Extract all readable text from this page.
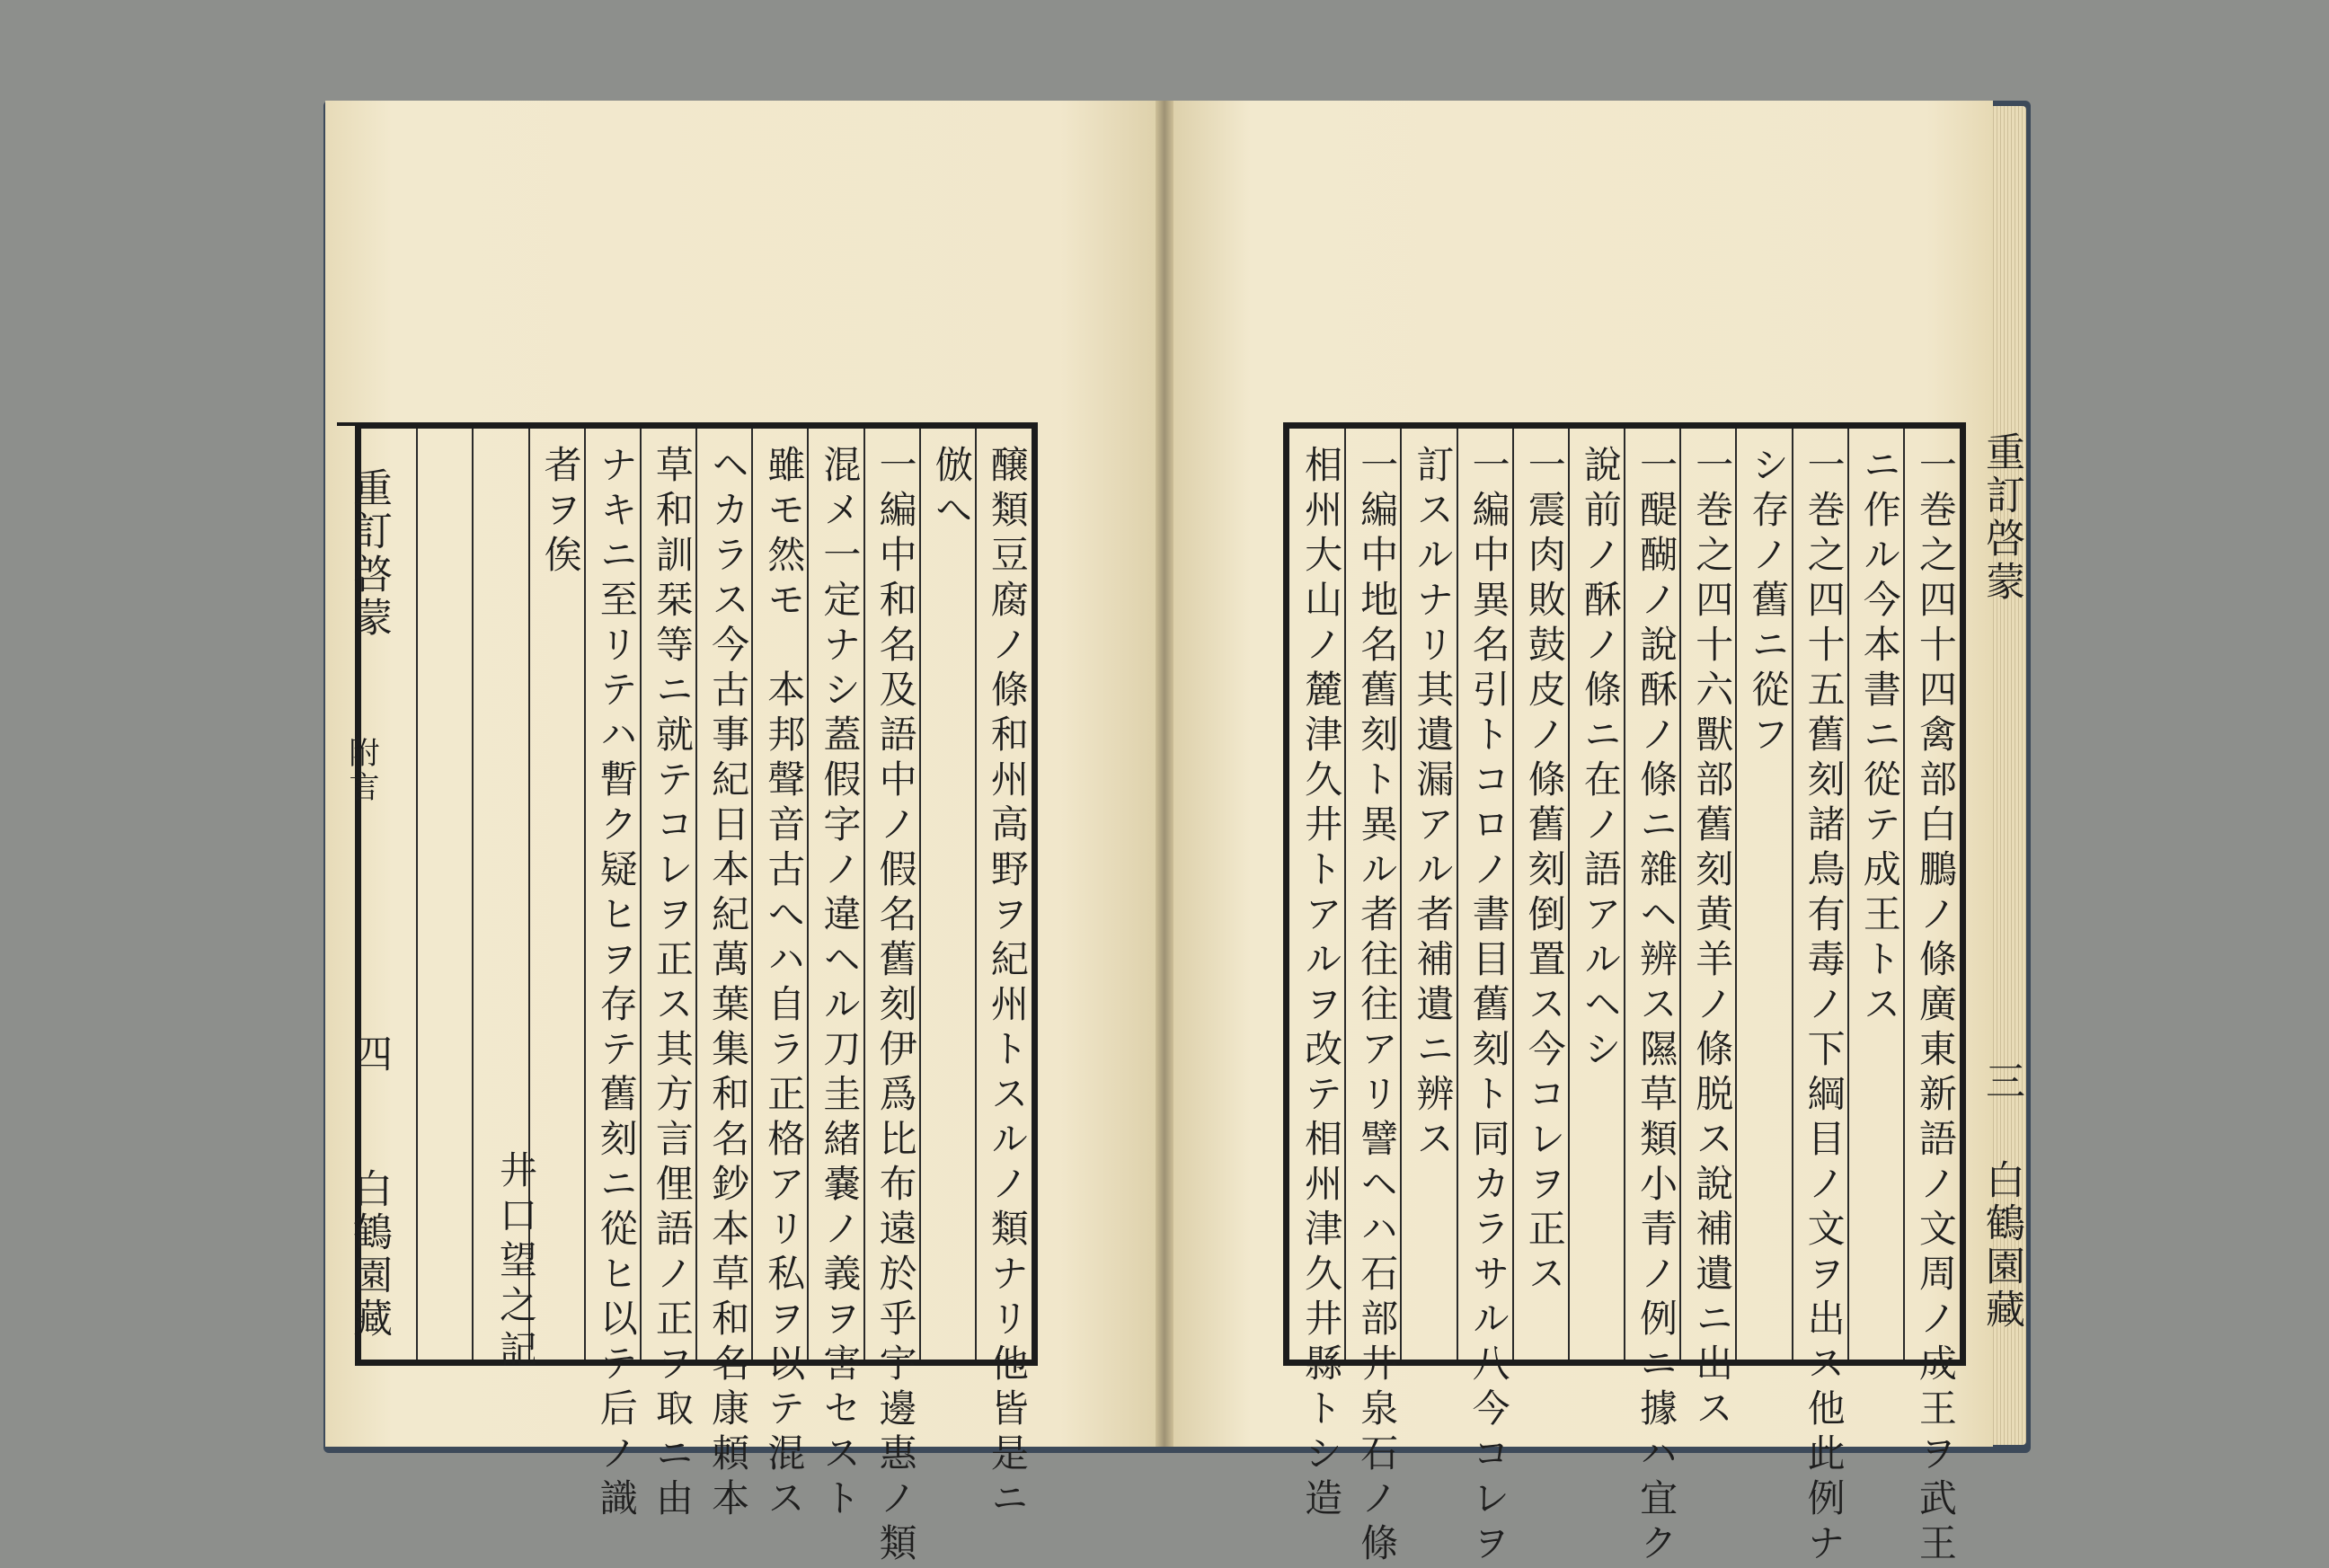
醸類豆腐ノ條和州高野ヲ紀州トスルノ類ナリ他皆是ニ
倣へ
一編中和名及語中ノ假名舊刻伊爲比布遠於乎宇邊惠ノ類
混メ一定ナシ蓋假字ノ違ヘル刀圭緒嚢ノ義ヲ害セスト
雖モ然モ　本邦聲音古へハ自ラ正格アリ私ヲ以テ混ス
ヘカラス今古事紀日本紀萬葉集和名鈔本草和名康頼本
草和訓栞等ニ就テコレヲ正ス其方言俚語ノ正ヲ取ニ由
ナキニ至リテハ暫ク疑ヒヲ存テ舊刻ニ從ヒ以テ后ノ識
者ヲ俟	一巻之四十四禽部白鵬ノ條廣東新語ノ文周ノ成王ヲ武王
ニ作ル今本書ニ從テ成王トス
一巻之四十五舊刻諸鳥有毒ノ下綱目ノ文ヲ出ス他此例ナ
シ存ノ舊ニ從フ
一巻之四十六獸部舊刻黄羊ノ條脱ス說補遺ニ出ス
一醍醐ノ說酥ノ條ニ雜ヘ辨ス隰草類小青ノ例ニ據ハ宜ク
說前ノ酥ノ條ニ在ノ語アルヘシ
一震肉敗鼓皮ノ條舊刻倒置ス今コレヲ正ス
一編中異名引トコロノ書目舊刻ト同カラサル八今コレヲ
訂スルナリ其遺漏アル者補遺ニ辨ス
一編中地名舊刻ト異ル者往往アリ譬ヘハ石部井泉石ノ條
相州大山ノ麓津久井トアルヲ改テ相州津久井縣トシ造
重訂啓蒙
附言
四
白鶴園藏
重訂啓蒙
三
白鶴園藏
井口望之記
